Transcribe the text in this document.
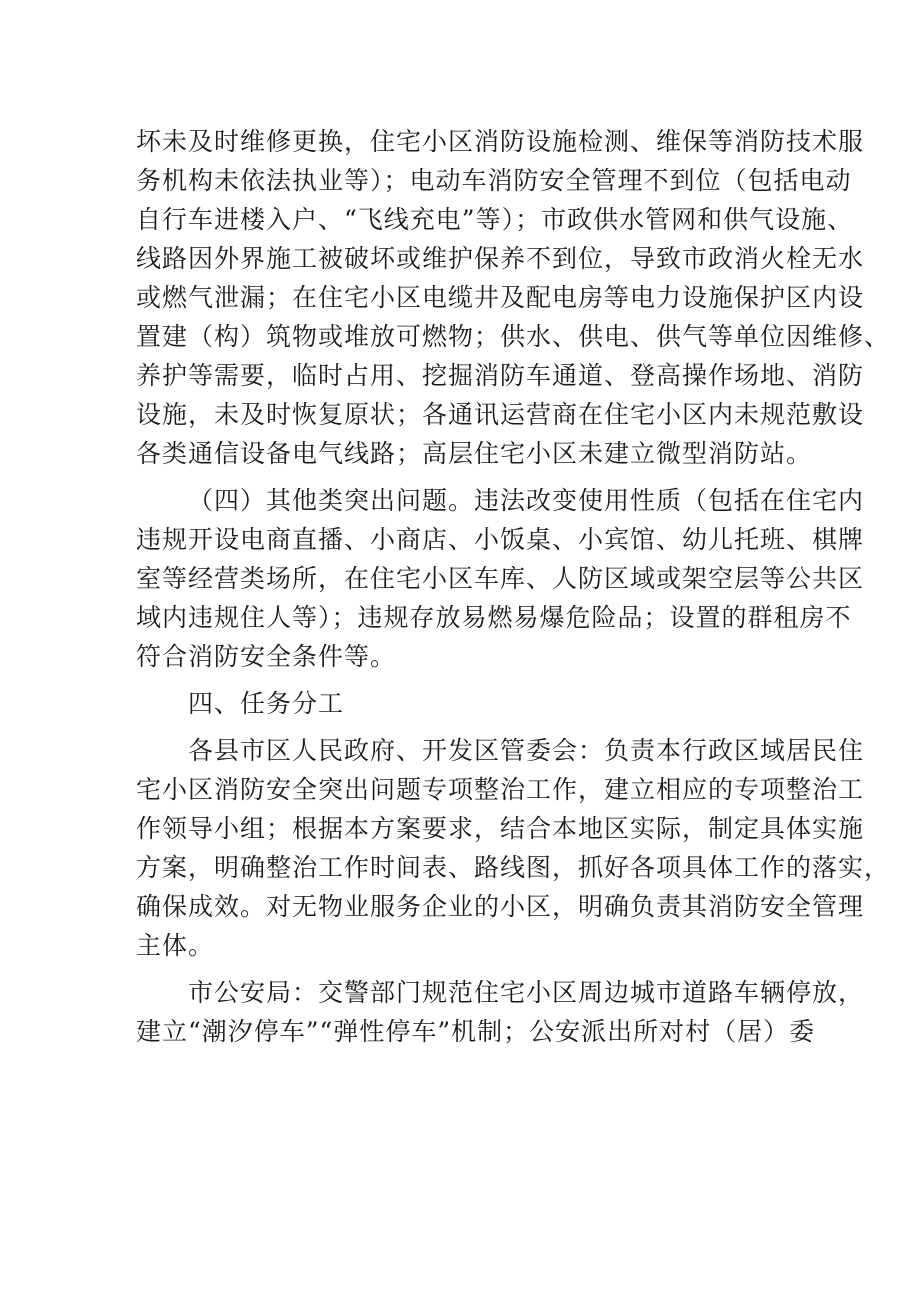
坏未及时维修更换，住宅小区消防设施检测、维保等消防技术服
务机构未依法执业等）；电动车消防安全管理不到位（包括电动
自行车进楼入户、“飞线充电”等）；市政供水管网和供气设施、
线路因外界施工被破坏或维护保养不到位，导致市政消火栓无水
或燃气泄漏；在住宅小区电缆井及配电房等电力设施保护区内设
置建（构）筑物或堆放可燃物；供水、供电、供气等单位因维修、
养护等需要，临时占用、挖掘消防车通道、登高操作场地、消防
设施，未及时恢复原状；各通讯运营商在住宅小区内未规范敷设
各类通信设备电气线路；高层住宅小区未建立微型消防站。
（四）其他类突出问题。违法改变使用性质（包括在住宅内
违规开设电商直播、小商店、小饭桌、小宾馆、幼儿托班、棋牌
室等经营类场所，在住宅小区车库、人防区域或架空层等公共区
域内违规住人等）；违规存放易燃易爆危险品；设置的群租房不
符合消防安全条件等。
四、任务分工
各县市区人民政府、开发区管委会：负责本行政区域居民住
宅小区消防安全突出问题专项整治工作，建立相应的专项整治工
作领导小组；根据本方案要求，结合本地区实际，制定具体实施
方案，明确整治工作时间表、路线图，抓好各项具体工作的落实，
确保成效。对无物业服务企业的小区，明确负责其消防安全管理
主体。
市公安局：交警部门规范住宅小区周边城市道路车辆停放，
建立“潮汐停车”“弹性停车”机制；公安派出所对村（居）委
